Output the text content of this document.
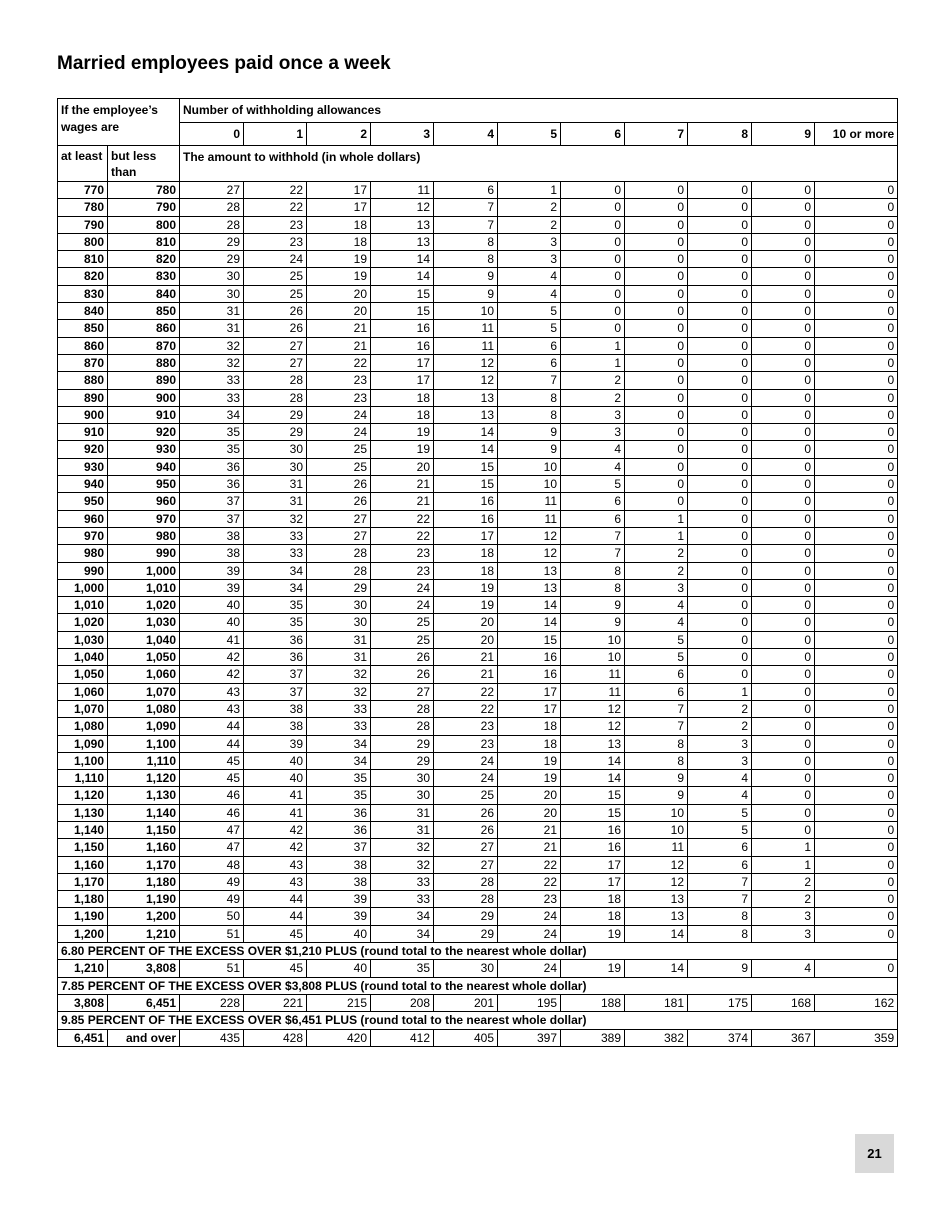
Married employees paid once a week
If the employee’s wages are		Number of withholding allowances										
		0	1	2	3	4	5	6	7	8	9	10 or more
at least	but less than	The amount to withhold (in whole dollars)										
770	780	27	22	17	11	6	1	0	0	0	0	0
780	790	28	22	17	12	7	2	0	0	0	0	0
790	800	28	23	18	13	7	2	0	0	0	0	0
800	810	29	23	18	13	8	3	0	0	0	0	0
810	820	29	24	19	14	8	3	0	0	0	0	0
820	830	30	25	19	14	9	4	0	0	0	0	0
830	840	30	25	20	15	9	4	0	0	0	0	0
840	850	31	26	20	15	10	5	0	0	0	0	0
850	860	31	26	21	16	11	5	0	0	0	0	0
860	870	32	27	21	16	11	6	1	0	0	0	0
870	880	32	27	22	17	12	6	1	0	0	0	0
880	890	33	28	23	17	12	7	2	0	0	0	0
890	900	33	28	23	18	13	8	2	0	0	0	0
900	910	34	29	24	18	13	8	3	0	0	0	0
910	920	35	29	24	19	14	9	3	0	0	0	0
920	930	35	30	25	19	14	9	4	0	0	0	0
930	940	36	30	25	20	15	10	4	0	0	0	0
940	950	36	31	26	21	15	10	5	0	0	0	0
950	960	37	31	26	21	16	11	6	0	0	0	0
960	970	37	32	27	22	16	11	6	1	0	0	0
970	980	38	33	27	22	17	12	7	1	0	0	0
980	990	38	33	28	23	18	12	7	2	0	0	0
990	1,000	39	34	28	23	18	13	8	2	0	0	0
1,000	1,010	39	34	29	24	19	13	8	3	0	0	0
1,010	1,020	40	35	30	24	19	14	9	4	0	0	0
1,020	1,030	40	35	30	25	20	14	9	4	0	0	0
1,030	1,040	41	36	31	25	20	15	10	5	0	0	0
1,040	1,050	42	36	31	26	21	16	10	5	0	0	0
1,050	1,060	42	37	32	26	21	16	11	6	0	0	0
1,060	1,070	43	37	32	27	22	17	11	6	1	0	0
1,070	1,080	43	38	33	28	22	17	12	7	2	0	0
1,080	1,090	44	38	33	28	23	18	12	7	2	0	0
1,090	1,100	44	39	34	29	23	18	13	8	3	0	0
1,100	1,110	45	40	34	29	24	19	14	8	3	0	0
1,110	1,120	45	40	35	30	24	19	14	9	4	0	0
1,120	1,130	46	41	35	30	25	20	15	9	4	0	0
1,130	1,140	46	41	36	31	26	20	15	10	5	0	0
1,140	1,150	47	42	36	31	26	21	16	10	5	0	0
1,150	1,160	47	42	37	32	27	21	16	11	6	1	0
1,160	1,170	48	43	38	32	27	22	17	12	6	1	0
1,170	1,180	49	43	38	33	28	22	17	12	7	2	0
1,180	1,190	49	44	39	33	28	23	18	13	7	2	0
1,190	1,200	50	44	39	34	29	24	18	13	8	3	0
1,200	1,210	51	45	40	34	29	24	19	14	8	3	0
6.80 PERCENT OF THE EXCESS OVER $1,210 PLUS (round total to the nearest whole dollar)												
1,210	3,808	51	45	40	35	30	24	19	14	9	4	0
7.85 PERCENT OF THE EXCESS OVER $3,808 PLUS (round total to the nearest whole dollar)												
3,808	6,451	228	221	215	208	201	195	188	181	175	168	162
9.85 PERCENT OF THE EXCESS OVER $6,451 PLUS (round total to the nearest whole dollar)												
6,451	and over	435	428	420	412	405	397	389	382	374	367	359
21
